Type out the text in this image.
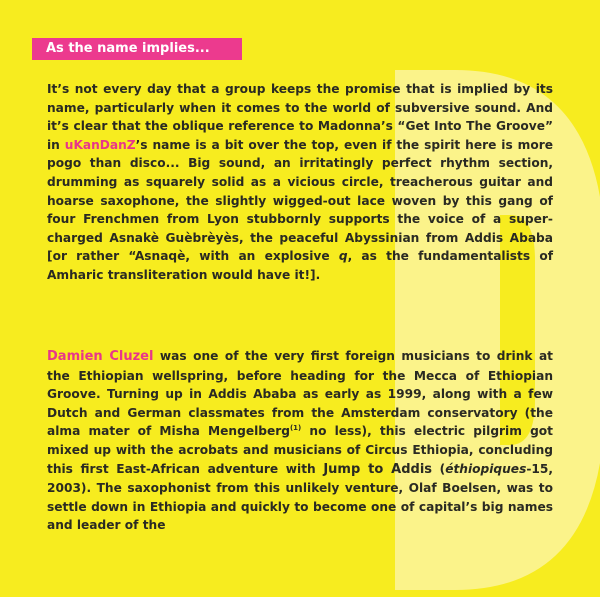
As the name implies...

It’s not every day that a group keeps the promise that is implied by its name, particularly when it comes to the world of subversive sound. And it’s clear that the oblique reference to Madonna’s “Get Into The Groove” in uKanDanZ’s name is a bit over the top, even if the spirit here is more pogo than disco... Big sound, an irritatingly perfect rhythm section, drumming as squarely solid as a vicious circle, treacherous guitar and hoarse saxophone, the slightly wigged-out lace woven by this gang of four Frenchmen from Lyon stubbornly supports the voice of a super-charged Asnakè Guèbrèyès, the peaceful Abyssinian from Addis Ababa [or rather “Asnaqè, with an explosive q, as the fundamentalists of Amharic transliteration would have it!].

Damien Cluzel was one of the very first foreign musicians to drink at the Ethiopian wellspring, before heading for the Mecca of Ethiopian Groove. Turning up in Addis Ababa as early as 1999, along with a few Dutch and German classmates from the Amsterdam conservatory (the alma mater of Misha Mengelberg$^{(1)}$ no less), this electric pilgrim got mixed up with the acrobats and musicians of Circus Ethiopia, concluding this first East-African adventure with Jump to Addis (éthiopiques-15, 2003). The saxophonist from this unlikely venture, Olaf Boelsen, was to settle down in Ethiopia and quickly to become one of capital’s big names and leader of the
